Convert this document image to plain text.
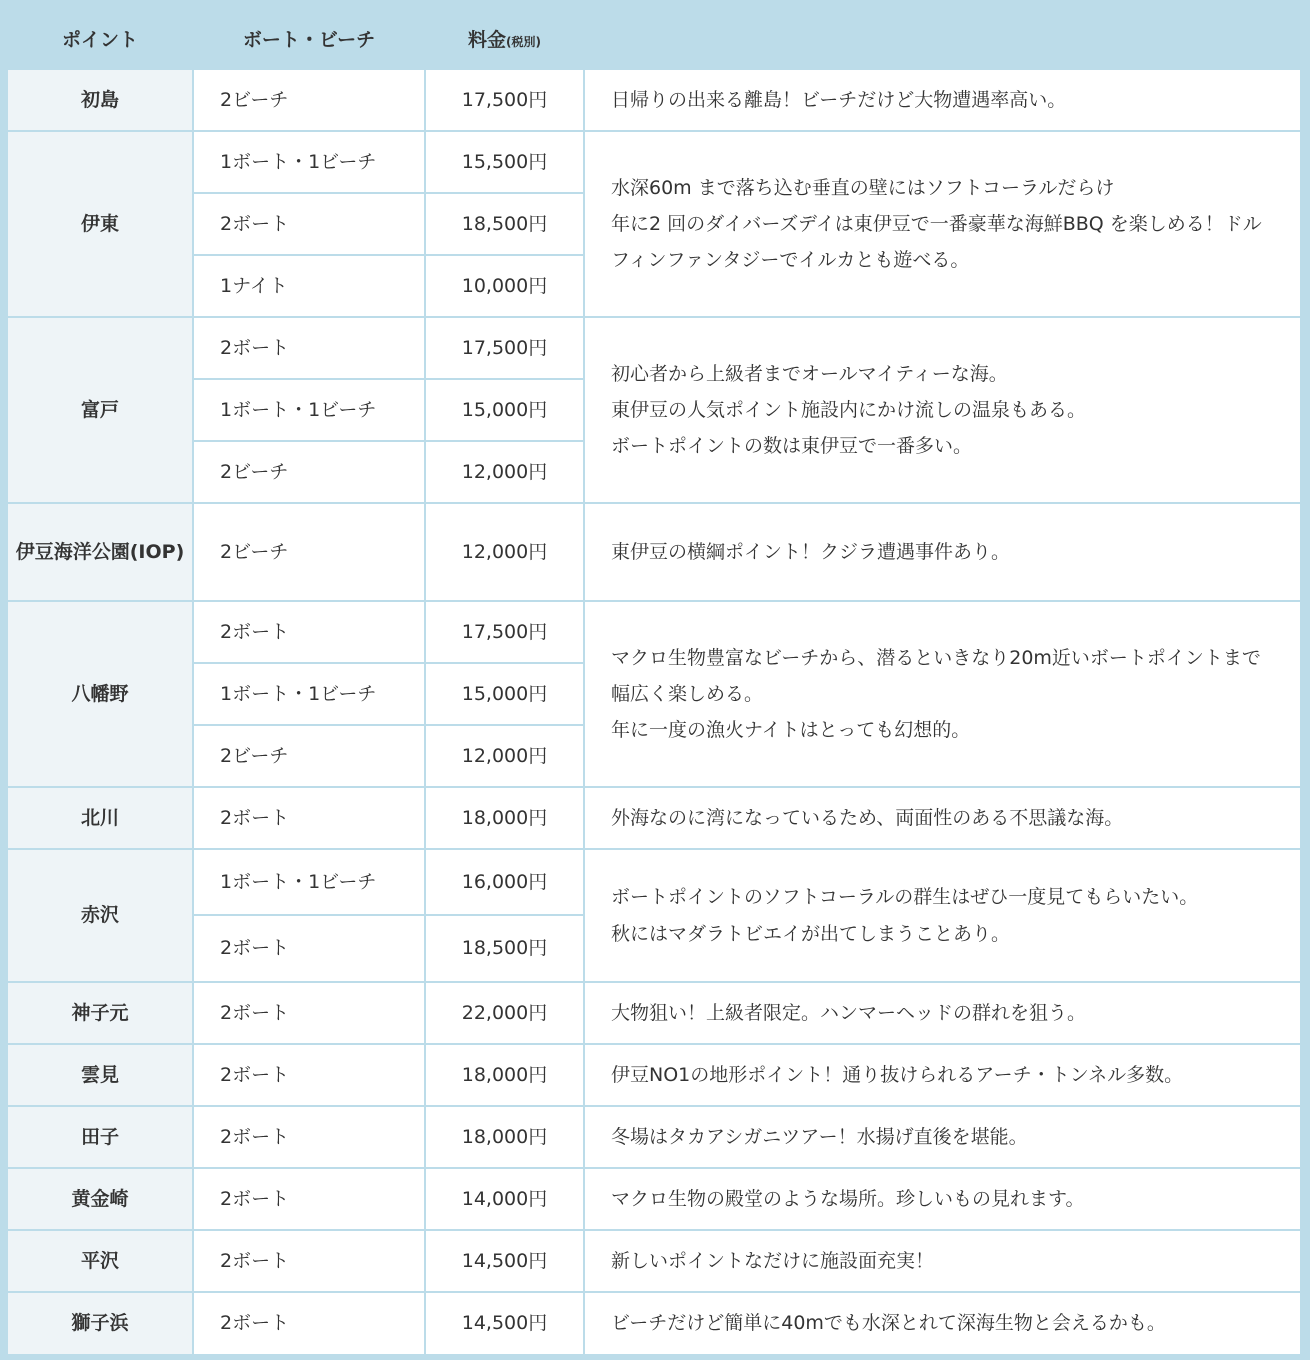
ポイント	ボート・ビーチ	料金(税別)	
初島	2ビーチ	17,500円	日帰りの出来る離島！ビーチだけど大物遭遇率高い。

伊東	1ボート・1ビーチ	15,500円	水深60m まで落ち込む垂直の壁にはソフトコーラルだらけ
年に2 回のダイバーズデイは東伊豆で一番豪華な海鮮BBQ を楽しめる！ドルフィンファンタジーでイルカとも遊べる。

	2ボート	18,500円	
	1ナイト	10,000円	
富戸	2ボート	17,500円	初心者から上級者までオールマイティーな海。
東伊豆の人気ポイント施設内にかけ流しの温泉もある。
ボートポイントの数は東伊豆で一番多い。

	1ボート・1ビーチ	15,000円	
	2ビーチ	12,000円	
伊豆海洋公園(IOP)	2ビーチ	12,000円	東伊豆の横綱ポイント！クジラ遭遇事件あり。

八幡野	2ボート	17,500円	マクロ生物豊富なビーチから、潜るといきなり20m近いボートポイントまで幅広く楽しめる。
年に一度の漁火ナイトはとっても幻想的。

	1ボート・1ビーチ	15,000円	
	2ビーチ	12,000円	
北川	2ボート	18,000円	外海なのに湾になっているため、両面性のある不思議な海。

赤沢	1ボート・1ビーチ	16,000円	ボートポイントのソフトコーラルの群生はぜひ一度見てもらいたい。
秋にはマダラトビエイが出てしまうことあり。

	2ボート	18,500円	
神子元	2ボート	22,000円	大物狙い！上級者限定。ハンマーヘッドの群れを狙う。

雲見	2ボート	18,000円	伊豆NO1の地形ポイント！通り抜けられるアーチ・トンネル多数。

田子	2ボート	18,000円	冬場はタカアシガニツアー！水揚げ直後を堪能。

黄金崎	2ボート	14,000円	マクロ生物の殿堂のような場所。珍しいもの見れます。

平沢	2ボート	14,500円	新しいポイントなだけに施設面充実！

獅子浜	2ボート	14,500円	ビーチだけど簡単に40mでも水深とれて深海生物と会えるかも。
